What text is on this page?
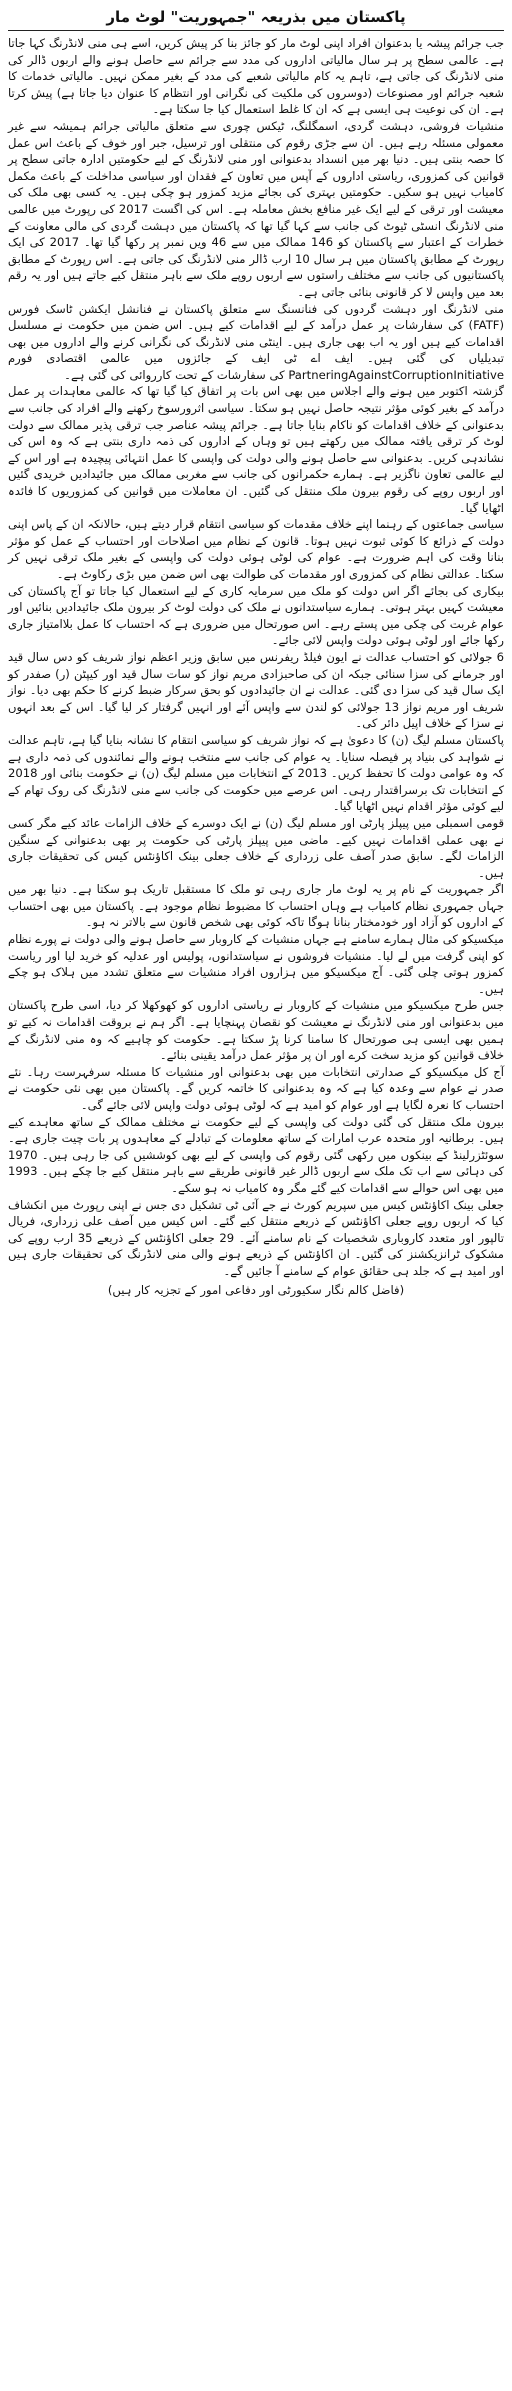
پاکستان میں بذریعہ "جمہوریت" لوٹ مار

جب جرائم پیشہ یا بدعنوان افراد اپنی لوٹ مار کو جائز بنا کر پیش کریں، اسے ہی منی لانڈرنگ کہا جاتا ہے۔ عالمی سطح پر ہر سال مالیاتی اداروں کی مدد سے جرائم سے حاصل ہونے والے اربوں ڈالر کی منی لانڈرنگ کی جاتی ہے، تاہم یہ کام مالیاتی شعبے کی مدد کے بغیر ممکن نہیں۔ مالیاتی خدمات کا شعبہ جرائم اور مصنوعات (دوسروں کی ملکیت کی نگرانی اور انتظام کا عنوان دیا جاتا ہے) پیش کرتا ہے۔ ان کی نوعیت ہی ایسی ہے کہ ان کا غلط استعمال کیا جا سکتا ہے۔

منشیات فروشی، دہشت گردی، اسمگلنگ، ٹیکس چوری سے متعلق مالیاتی جرائم ہمیشہ سے غیر معمولی مسئلہ رہے ہیں۔ ان سے جڑی رقوم کی منتقلی اور ترسیل، جبر اور خوف کے باعث اس عمل کا حصہ بنتی ہیں۔ دنیا بھر میں انسداد بدعنوانی اور منی لانڈرنگ کے لیے حکومتیں ادارہ جاتی سطح پر قوانین کی کمزوری، ریاستی اداروں کے آپس میں تعاون کے فقدان اور سیاسی مداخلت کے باعث مکمل کامیاب نہیں ہو سکیں۔ حکومتیں بہتری کی بجائے مزید کمزور ہو چکی ہیں۔ یہ کسی بھی ملک کی معیشت اور ترقی کے لیے ایک غیر منافع بخش معاملہ ہے۔ اس کی اگست 2017 کی رپورٹ میں عالمی منی لانڈرنگ انسٹی ٹیوٹ کی جانب سے کہا گیا تھا کہ پاکستان میں دہشت گردی کی مالی معاونت کے خطرات کے اعتبار سے پاکستان کو 146 ممالک میں سے 46 ویں نمبر پر رکھا گیا تھا۔ 2017 کی ایک رپورٹ کے مطابق پاکستان میں ہر سال 10 ارب ڈالر منی لانڈرنگ کی جاتی ہے۔ اس رپورٹ کے مطابق پاکستانیوں کی جانب سے مختلف راستوں سے اربوں روپے ملک سے باہر منتقل کیے جاتے ہیں اور یہ رقم بعد میں واپس لا کر قانونی بنائی جاتی ہے۔

منی لانڈرنگ اور دہشت گردوں کی فنانسنگ سے متعلق پاکستان نے فنانشل ایکشن ٹاسک فورس (FATF) کی سفارشات پر عمل درآمد کے لیے اقدامات کیے ہیں۔ اس ضمن میں حکومت نے مسلسل اقدامات کیے ہیں اور یہ اب بھی جاری ہیں۔ اینٹی منی لانڈرنگ کی نگرانی کرنے والے اداروں میں بھی تبدیلیاں کی گئی ہیں۔ ایف اے ٹی ایف کے جائزوں میں عالمی اقتصادی فورم PartneringAgainstCorruptionInitiative کی سفارشات کے تحت کارروائی کی گئی ہے۔

گزشتہ اکتوبر میں ہونے والے اجلاس میں بھی اس بات پر اتفاق کیا گیا تھا کہ عالمی معاہدات پر عمل درآمد کے بغیر کوئی مؤثر نتیجہ حاصل نہیں ہو سکتا۔ سیاسی اثرورسوخ رکھنے والے افراد کی جانب سے بدعنوانی کے خلاف اقدامات کو ناکام بنایا جاتا ہے۔ جرائم پیشہ عناصر جب ترقی پذیر ممالک سے دولت لوٹ کر ترقی یافتہ ممالک میں رکھتے ہیں تو وہاں کے اداروں کی ذمہ داری بنتی ہے کہ وہ اس کی نشاندہی کریں۔ بدعنوانی سے حاصل ہونے والی دولت کی واپسی کا عمل انتہائی پیچیدہ ہے اور اس کے لیے عالمی تعاون ناگزیر ہے۔ ہمارے حکمرانوں کی جانب سے مغربی ممالک میں جائیدادیں خریدی گئیں اور اربوں روپے کی رقوم بیرون ملک منتقل کی گئیں۔ ان معاملات میں قوانین کی کمزوریوں کا فائدہ اٹھایا گیا۔

سیاسی جماعتوں کے رہنما اپنے خلاف مقدمات کو سیاسی انتقام قرار دیتے ہیں، حالانکہ ان کے پاس اپنی دولت کے ذرائع کا کوئی ثبوت نہیں ہوتا۔ قانون کے نظام میں اصلاحات اور احتساب کے عمل کو مؤثر بنانا وقت کی اہم ضرورت ہے۔ عوام کی لوٹی ہوئی دولت کی واپسی کے بغیر ملک ترقی نہیں کر سکتا۔ عدالتی نظام کی کمزوری اور مقدمات کی طوالت بھی اس ضمن میں بڑی رکاوٹ ہے۔

بیکاری کی بجائے اگر اس دولت کو ملک میں سرمایہ کاری کے لیے استعمال کیا جاتا تو آج پاکستان کی معیشت کہیں بہتر ہوتی۔ ہمارے سیاستدانوں نے ملک کی دولت لوٹ کر بیرون ملک جائیدادیں بنائیں اور عوام غربت کی چکی میں پستے رہے۔ اس صورتحال میں ضروری ہے کہ احتساب کا عمل بلاامتیاز جاری رکھا جائے اور لوٹی ہوئی دولت واپس لائی جائے۔

6 جولائی کو احتساب عدالت نے ایون فیلڈ ریفرنس میں سابق وزیر اعظم نواز شریف کو دس سال قید اور جرمانے کی سزا سنائی جبکہ ان کی صاحبزادی مریم نواز کو سات سال قید اور کیپٹن (ر) صفدر کو ایک سال قید کی سزا دی گئی۔ عدالت نے ان جائیدادوں کو بحق سرکار ضبط کرنے کا حکم بھی دیا۔ نواز شریف اور مریم نواز 13 جولائی کو لندن سے واپس آئے اور انہیں گرفتار کر لیا گیا۔ اس کے بعد انہوں نے سزا کے خلاف اپیل دائر کی۔

پاکستان مسلم لیگ (ن) کا دعویٰ ہے کہ نواز شریف کو سیاسی انتقام کا نشانہ بنایا گیا ہے، تاہم عدالت نے شواہد کی بنیاد پر فیصلہ سنایا۔ یہ عوام کی جانب سے منتخب ہونے والے نمائندوں کی ذمہ داری ہے کہ وہ عوامی دولت کا تحفظ کریں۔ 2013 کے انتخابات میں مسلم لیگ (ن) نے حکومت بنائی اور 2018 کے انتخابات تک برسراقتدار رہی۔ اس عرصے میں حکومت کی جانب سے منی لانڈرنگ کی روک تھام کے لیے کوئی مؤثر اقدام نہیں اٹھایا گیا۔

قومی اسمبلی میں پیپلز پارٹی اور مسلم لیگ (ن) نے ایک دوسرے کے خلاف الزامات عائد کیے مگر کسی نے بھی عملی اقدامات نہیں کیے۔ ماضی میں پیپلز پارٹی کی حکومت پر بھی بدعنوانی کے سنگین الزامات لگے۔ سابق صدر آصف علی زرداری کے خلاف جعلی بینک اکاؤنٹس کیس کی تحقیقات جاری ہیں۔

اگر جمہوریت کے نام پر یہ لوٹ مار جاری رہی تو ملک کا مستقبل تاریک ہو سکتا ہے۔ دنیا بھر میں جہاں جمہوری نظام کامیاب ہے وہاں احتساب کا مضبوط نظام موجود ہے۔ پاکستان میں بھی احتساب کے اداروں کو آزاد اور خودمختار بنانا ہوگا تاکہ کوئی بھی شخص قانون سے بالاتر نہ ہو۔

میکسیکو کی مثال ہمارے سامنے ہے جہاں منشیات کے کاروبار سے حاصل ہونے والی دولت نے پورے نظام کو اپنی گرفت میں لے لیا۔ منشیات فروشوں نے سیاستدانوں، پولیس اور عدلیہ کو خرید لیا اور ریاست کمزور ہوتی چلی گئی۔ آج میکسیکو میں ہزاروں افراد منشیات سے متعلق تشدد میں ہلاک ہو چکے ہیں۔

جس طرح میکسیکو میں منشیات کے کاروبار نے ریاستی اداروں کو کھوکھلا کر دیا، اسی طرح پاکستان میں بدعنوانی اور منی لانڈرنگ نے معیشت کو نقصان پہنچایا ہے۔ اگر ہم نے بروقت اقدامات نہ کیے تو ہمیں بھی ایسی ہی صورتحال کا سامنا کرنا پڑ سکتا ہے۔ حکومت کو چاہیے کہ وہ منی لانڈرنگ کے خلاف قوانین کو مزید سخت کرے اور ان پر مؤثر عمل درآمد یقینی بنائے۔

آج کل میکسیکو کے صدارتی انتخابات میں بھی بدعنوانی اور منشیات کا مسئلہ سرفہرست رہا۔ نئے صدر نے عوام سے وعدہ کیا ہے کہ وہ بدعنوانی کا خاتمہ کریں گے۔ پاکستان میں بھی نئی حکومت نے احتساب کا نعرہ لگایا ہے اور عوام کو امید ہے کہ لوٹی ہوئی دولت واپس لائی جائے گی۔

بیرون ملک منتقل کی گئی دولت کی واپسی کے لیے حکومت نے مختلف ممالک کے ساتھ معاہدے کیے ہیں۔ برطانیہ اور متحدہ عرب امارات کے ساتھ معلومات کے تبادلے کے معاہدوں پر بات چیت جاری ہے۔ سوئٹزرلینڈ کے بینکوں میں رکھی گئی رقوم کی واپسی کے لیے بھی کوششیں کی جا رہی ہیں۔ 1970 کی دہائی سے اب تک ملک سے اربوں ڈالر غیر قانونی طریقے سے باہر منتقل کیے جا چکے ہیں۔ 1993 میں بھی اس حوالے سے اقدامات کیے گئے مگر وہ کامیاب نہ ہو سکے۔

جعلی بینک اکاؤنٹس کیس میں سپریم کورٹ نے جے آئی ٹی تشکیل دی جس نے اپنی رپورٹ میں انکشاف کیا کہ اربوں روپے جعلی اکاؤنٹس کے ذریعے منتقل کیے گئے۔ اس کیس میں آصف علی زرداری، فریال تالپور اور متعدد کاروباری شخصیات کے نام سامنے آئے۔ 29 جعلی اکاؤنٹس کے ذریعے 35 ارب روپے کی مشکوک ٹرانزیکشنز کی گئیں۔ ان اکاؤنٹس کے ذریعے ہونے والی منی لانڈرنگ کی تحقیقات جاری ہیں اور امید ہے کہ جلد ہی حقائق عوام کے سامنے آ جائیں گے۔

(فاضل کالم نگار سکیورٹی اور دفاعی امور کے تجزیہ کار ہیں)
